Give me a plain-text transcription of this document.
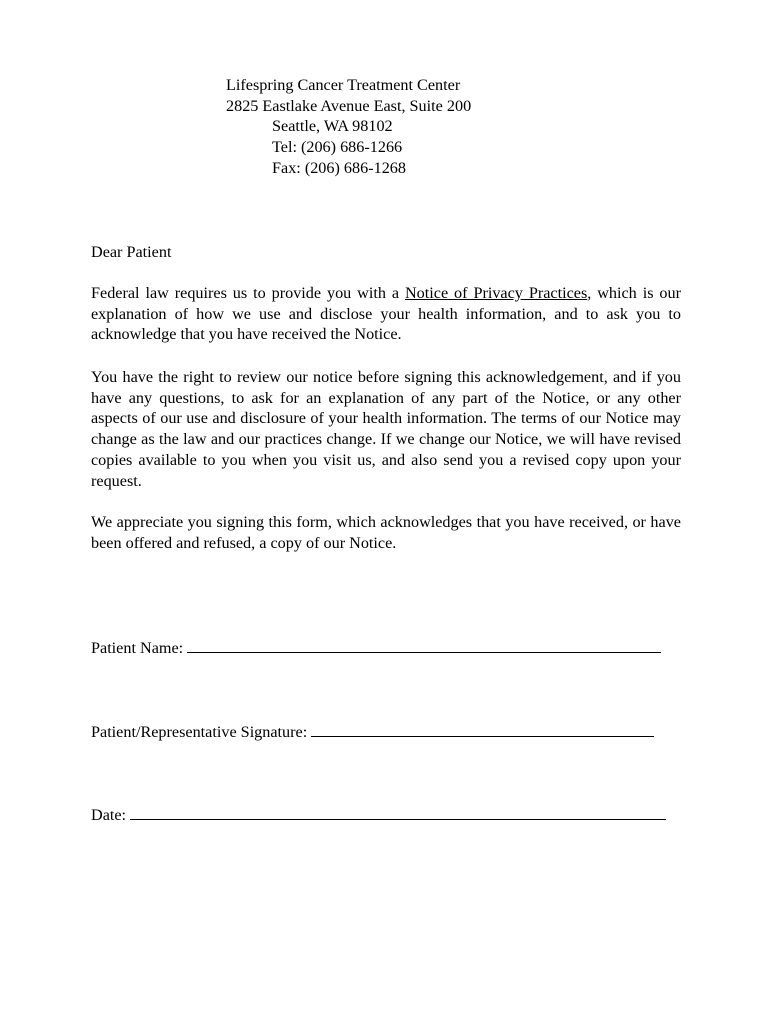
Lifespring Cancer Treatment Center
2825 Eastlake Avenue East, Suite 200
Seattle, WA 98102
Tel: (206) 686-1266
Fax: (206) 686-1268
Dear Patient

Federal law requires us to provide you with a Notice of Privacy Practices, which is our explanation of how we use and disclose your health information, and to ask you to acknowledge that you have received the Notice.

You have the right to review our notice before signing this acknowledgement, and if you have any questions, to ask for an explanation of any part of the Notice, or any other aspects of our use and disclosure of your health information. The terms of our Notice may change as the law and our practices change. If we change our Notice, we will have revised copies available to you when you visit us, and also send you a revised copy upon your request.

We appreciate you signing this form, which acknowledges that you have received, or have been offered and refused, a copy of our Notice.

Patient Name:
Patient/Representative Signature:
Date:
